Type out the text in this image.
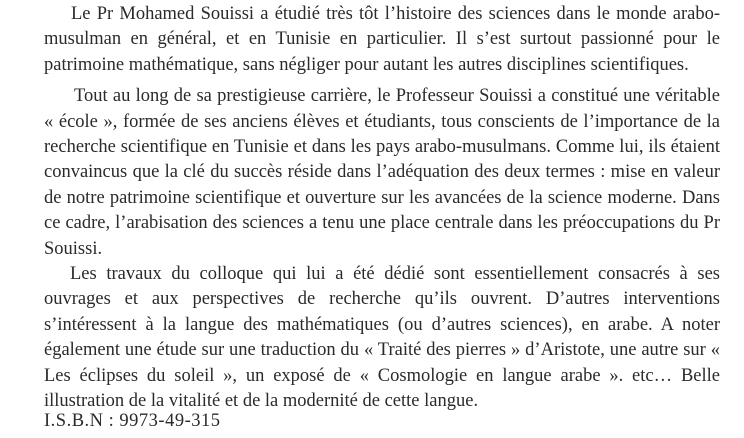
Le Pr Mohamed Souissi a étudié très tôt l’histoire des sciences dans le monde arabo-musulman en général, et en Tunisie en particulier. Il s’est surtout passionné pour le patrimoine mathématique, sans négliger pour autant les autres disciplines scientifiques.

Tout au long de sa prestigieuse carrière, le Professeur Souissi a constitué une véritable « école », formée de ses anciens élèves et étudiants, tous conscients de l’importance de la recherche scientifique en Tunisie et dans les pays arabo-musulmans. Comme lui, ils étaient convaincus que la clé du succès réside dans l’adéquation des deux termes : mise en valeur de notre patrimoine scientifique et ouverture sur les avancées de la science moderne. Dans ce cadre, l’arabisation des sciences a tenu une place centrale dans les préoccupations du Pr Souissi.

Les travaux du colloque qui lui a été dédié sont essentiellement consacrés à ses ouvrages et aux perspectives de recherche qu’ils ouvrent. D’autres interventions s’intéressent à la langue des mathématiques (ou d’autres sciences), en arabe. A noter également une étude sur une traduction du « Traité des pierres » d’Aristote, une autre sur « Les éclipses du soleil », un exposé de « Cosmologie en langue arabe ». etc… Belle illustration de la vitalité et de la modernité de cette langue.

I.S.B.N : 9973-49-315
